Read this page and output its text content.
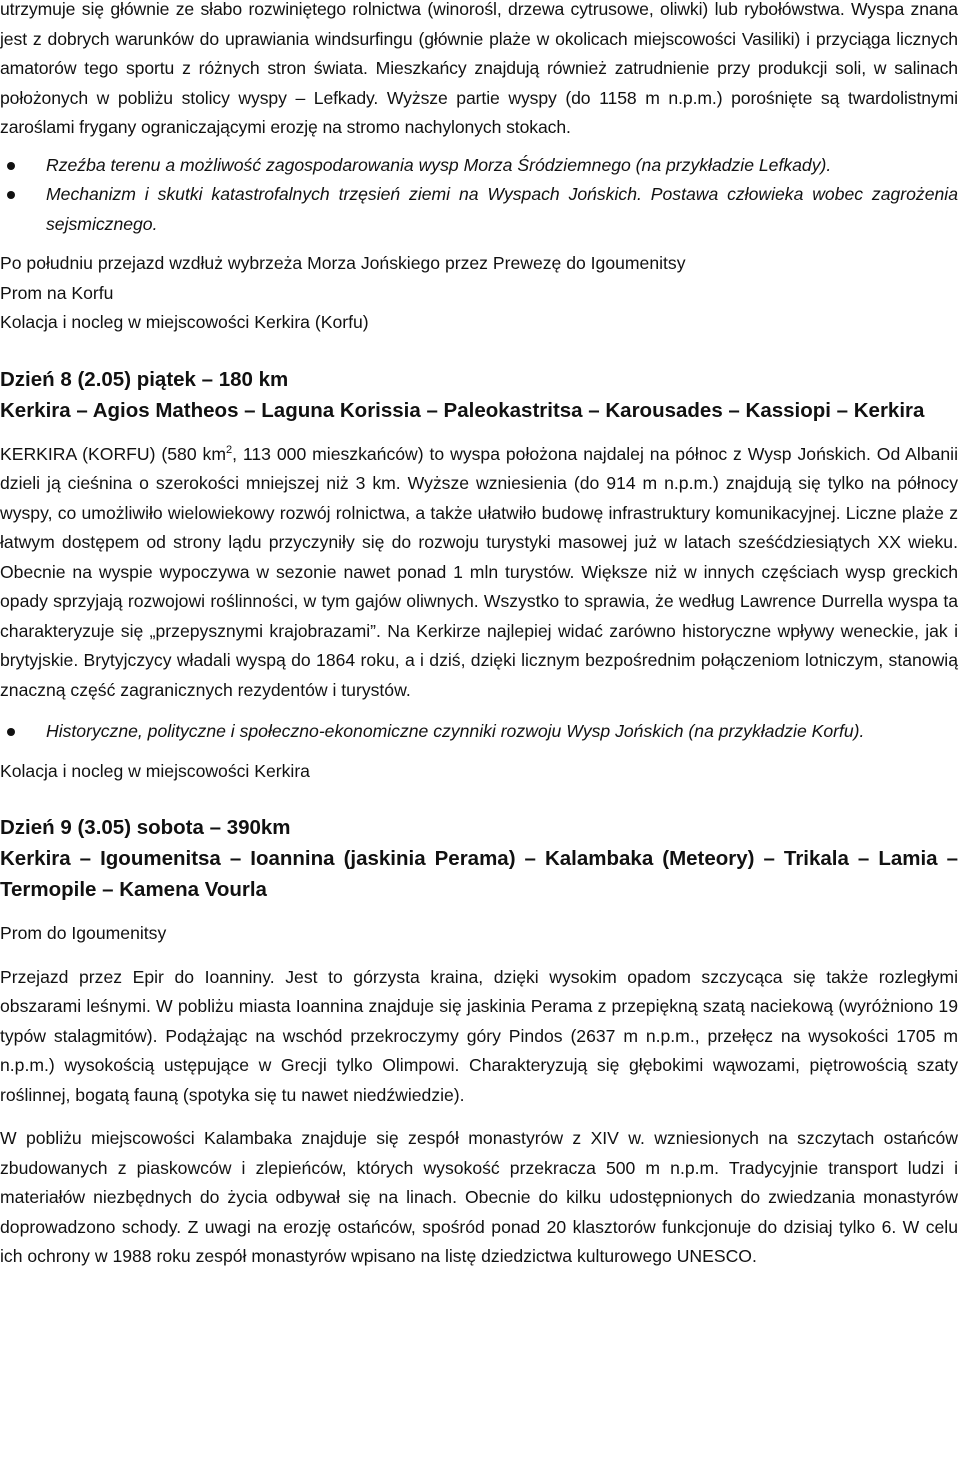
utrzymuje się głównie ze słabo rozwiniętego rolnictwa (winorośl, drzewa cytrusowe, oliwki) lub rybołówstwa. Wyspa znana jest z dobrych warunków do uprawiania windsurfingu (głównie plaże w okolicach miejscowości Vasiliki) i przyciąga licznych amatorów tego sportu z różnych stron świata. Mieszkańcy znajdują również zatrudnienie przy produkcji soli, w salinach położonych w pobliżu stolicy wyspy – Lefkady. Wyższe partie wyspy (do 1158 m n.p.m.) porośnięte są twardolistnymi zaroślami frygany ograniczającymi erozję na stromo nachylonych stokach.

Rzeźba terenu a możliwość zagospodarowania wysp Morza Śródziemnego (na przykładzie Lefkady).
Mechanizm i skutki katastrofalnych trzęsień ziemi na Wyspach Jońskich. Postawa człowieka wobec zagrożenia sejsmicznego.

Po południu przejazd wzdłuż wybrzeża Morza Jońskiego przez Prewezę do Igoumenitsy

Prom na Korfu

Kolacja i nocleg w miejscowości Kerkira (Korfu)

Dzień 8 (2.05) piątek – 180 km

Kerkira – Agios Matheos – Laguna Korissia – Paleokastritsa – Karousades – Kassiopi – Kerkira

KERKIRA (KORFU) (580 $km^2$, 113 000 mieszkańców) to wyspa położona najdalej na północ z Wysp Jońskich. Od Albanii dzieli ją cieśnina o szerokości mniejszej niż 3 km. Wyższe wzniesienia (do 914 m n.p.m.) znajdują się tylko na północy wyspy, co umożliwiło wielowiekowy rozwój rolnictwa, a także ułatwiło budowę infrastruktury komunikacyjnej. Liczne plaże z łatwym dostępem od strony lądu przyczyniły się do rozwoju turystyki masowej już w latach sześćdziesiątych XX wieku. Obecnie na wyspie wypoczywa w sezonie nawet ponad 1 mln turystów. Większe niż w innych częściach wysp greckich opady sprzyjają rozwojowi roślinności, w tym gajów oliwnych. Wszystko to sprawia, że według Lawrence Durrella wyspa ta charakteryzuje się „przepysznymi krajobrazami”. Na Kerkirze najlepiej widać zarówno historyczne wpływy weneckie, jak i brytyjskie. Brytyjczycy władali wyspą do 1864 roku, a i dziś, dzięki licznym bezpośrednim połączeniom lotniczym, stanowią znaczną część zagranicznych rezydentów i turystów.

Historyczne, polityczne i społeczno-ekonomiczne czynniki rozwoju Wysp Jońskich (na przykładzie Korfu).

Kolacja i nocleg w miejscowości Kerkira

Dzień 9 (3.05) sobota – 390km

Kerkira – Igoumenitsa – Ioannina (jaskinia Perama) – Kalambaka (Meteory) – Trikala – Lamia – Termopile – Kamena Vourla

Prom do Igoumenitsy

Przejazd przez Epir do Ioanniny. Jest to górzysta kraina, dzięki wysokim opadom szczycąca się także rozległymi obszarami leśnymi. W pobliżu miasta Ioannina znajduje się jaskinia Perama z przepiękną szatą naciekową (wyróżniono 19 typów stalagmitów). Podążając na wschód przekroczymy góry Pindos (2637 m n.p.m., przełęcz na wysokości 1705 m n.p.m.) wysokością ustępujące w Grecji tylko Olimpowi. Charakteryzują się głębokimi wąwozami, piętrowością szaty roślinnej, bogatą fauną (spotyka się tu nawet niedźwiedzie).

W pobliżu miejscowości Kalambaka znajduje się zespół monastyrów z XIV w. wzniesionych na szczytach ostańców zbudowanych z piaskowców i zlepieńców, których wysokość przekracza 500 m n.p.m. Tradycyjnie transport ludzi i materiałów niezbędnych do życia odbywał się na linach. Obecnie do kilku udostępnionych do zwiedzania monastyrów doprowadzono schody. Z uwagi na erozję ostańców, spośród ponad 20 klasztorów funkcjonuje do dzisiaj tylko 6. W celu ich ochrony w 1988 roku zespół monastyrów wpisano na listę dziedzictwa kulturowego UNESCO.
